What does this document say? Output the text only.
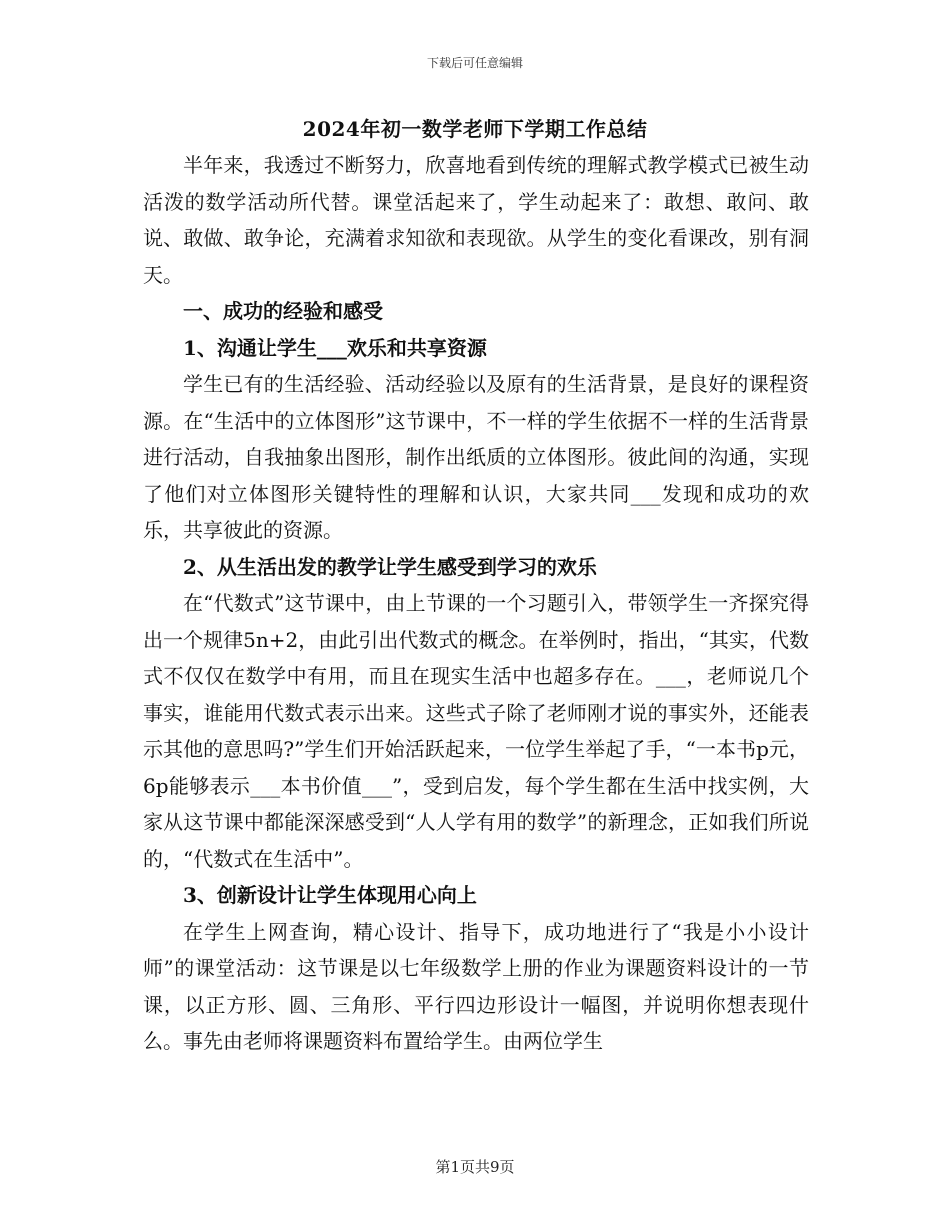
下载后可任意编辑
2024年初一数学老师下学期工作总结

半年来，我透过不断努力，欣喜地看到传统的理解式教学模式已被生动活泼的数学活动所代替。课堂活起来了，学生动起来了：敢想、敢问、敢说、敢做、敢争论，充满着求知欲和表现欲。从学生的变化看课改，别有洞天。

一、成功的经验和感受

1、沟通让学生___欢乐和共享资源

学生已有的生活经验、活动经验以及原有的生活背景，是良好的课程资源。在“生活中的立体图形”这节课中，不一样的学生依据不一样的生活背景进行活动，自我抽象出图形，制作出纸质的立体图形。彼此间的沟通，实现了他们对立体图形关键特性的理解和认识，大家共同___发现和成功的欢乐，共享彼此的资源。

2、从生活出发的教学让学生感受到学习的欢乐

在“代数式”这节课中，由上节课的一个习题引入，带领学生一齐探究得出一个规律5n+2，由此引出代数式的概念。在举例时，指出，“其实，代数式不仅仅在数学中有用，而且在现实生活中也超多存在。___，老师说几个事实，谁能用代数式表示出来。这些式子除了老师刚才说的事实外，还能表示其他的意思吗?”学生们开始活跃起来，一位学生举起了手，“一本书p元，6p能够表示___本书价值___”，受到启发，每个学生都在生活中找实例，大家从这节课中都能深深感受到“人人学有用的数学”的新理念，正如我们所说的，“代数式在生活中”。

3、创新设计让学生体现用心向上

在学生上网查询，精心设计、指导下，成功地进行了“我是小小设计师”的课堂活动：这节课是以七年级数学上册的作业为课题资料设计的一节课，以正方形、圆、三角形、平行四边形设计一幅图，并说明你想表现什么。事先由老师将课题资料布置给学生。由两位学生

第1页共9页
